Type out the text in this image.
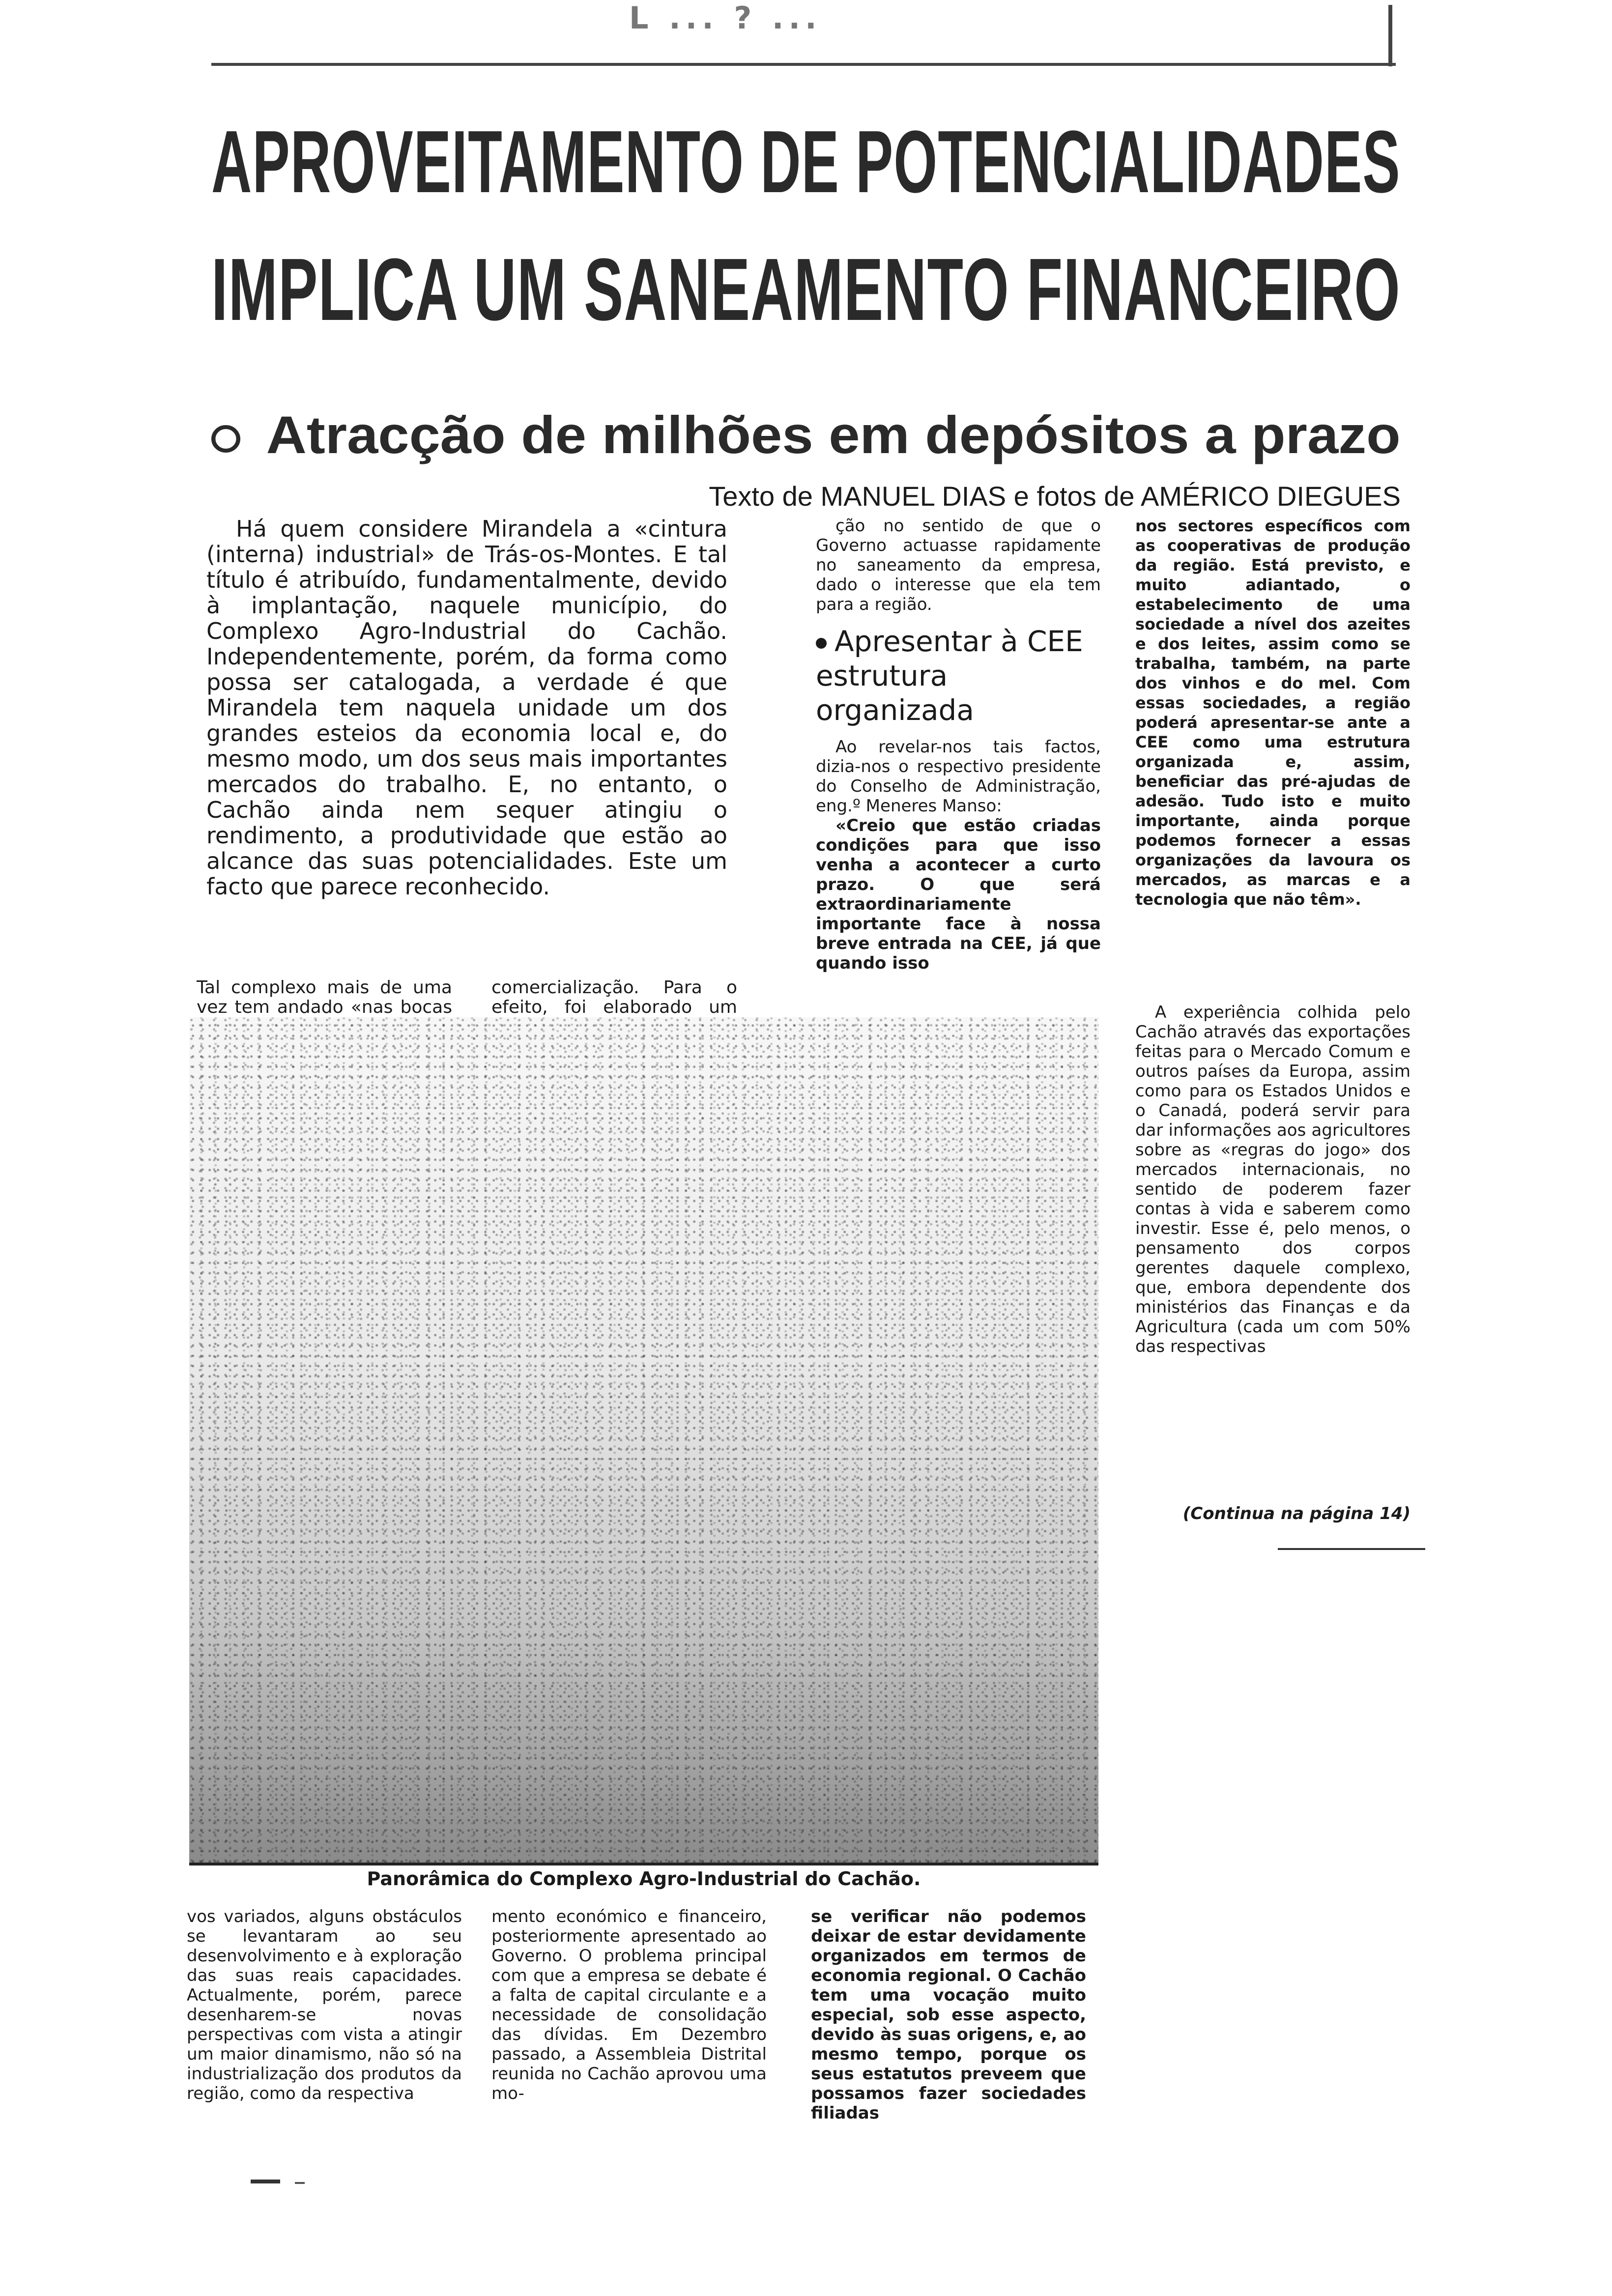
L ... ? ...
APROVEITAMENTO DE POTENCIALIDADES
IMPLICA UM SANEAMENTO FINANCEIRO
Atracção de milhões em depósitos a prazo
Texto de MANUEL DIAS e fotos de AMÉRICO DIEGUES

Há quem considere Mirandela a «cintura (interna) industrial» de Trás-os-Montes. E tal título é atribuído, fundamentalmente, devido à implantação, naquele município, do Complexo Agro-Industrial do Cachão. Independentemente, porém, da forma como possa ser catalogada, a verdade é que Mirandela tem naquela unidade um dos grandes esteios da economia local e, do mesmo modo, um dos seus mais importantes mercados do trabalho. E, no entanto, o Cachão ainda nem sequer atingiu o rendimento, a produtividade que estão ao alcance das suas potencialidades. Este um facto que parece reconhecido.

Tal complexo mais de uma vez tem andado «nas bocas

comercialização. Para o efeito, foi elaborado um

ção no sentido de que o Governo actuasse rapidamente no saneamento da empresa, dado o interesse que ela tem para a região.

Apresentar à CEE estrutura organizada

Ao revelar-nos tais factos, dizia-nos o respectivo presidente do Conselho de Administração, eng.º Meneres Manso:

«Creio que estão criadas condições para que isso venha a acontecer a curto prazo. O que será extraordinariamente importante face à nossa breve entrada na CEE, já que quando isso

nos sectores específicos com as cooperativas de produção da região. Está previsto, e muito adiantado, o estabelecimento de uma sociedade a nível dos azeites e dos leites, assim como se trabalha, também, na parte dos vinhos e do mel. Com essas sociedades, a região poderá apresentar-se ante a CEE como uma estrutura organizada e, assim, beneficiar das pré-ajudas de adesão. Tudo isto e muito importante, ainda porque podemos fornecer a essas organizações da lavoura os mercados, as marcas e a tecnologia que não têm».

A experiência colhida pelo Cachão através das exportações feitas para o Mercado Comum e outros países da Europa, assim como para os Estados Unidos e o Canadá, poderá servir para dar informações aos agricultores sobre as «regras do jogo» dos mercados internacionais, no sentido de poderem fazer contas à vida e saberem como investir. Esse é, pelo menos, o pensamento dos corpos gerentes daquele complexo, que, embora dependente dos ministérios das Finanças e da Agricultura (cada um com 50% das respectivas

(Continua na página 14)
Panorâmica do Complexo Agro-Industrial do Cachão.

vos variados, alguns obstáculos se levantaram ao seu desenvolvimento e à exploração das suas reais capacidades. Actualmente, porém, parece desenharem-se novas perspectivas com vista a atingir um maior dinamismo, não só na industrialização dos produtos da região, como da respectiva

mento económico e financeiro, posteriormente apresentado ao Governo. O problema principal com que a empresa se debate é a falta de capital circulante e a necessidade de consolidação das dívidas. Em Dezembro passado, a Assembleia Distrital reunida no Cachão aprovou uma mo-

se verificar não podemos deixar de estar devidamente organizados em termos de economia regional. O Cachão tem uma vocação muito especial, sob esse aspecto, devido às suas origens, e, ao mesmo tempo, porque os seus estatutos preveem que possamos fazer sociedades filiadas
